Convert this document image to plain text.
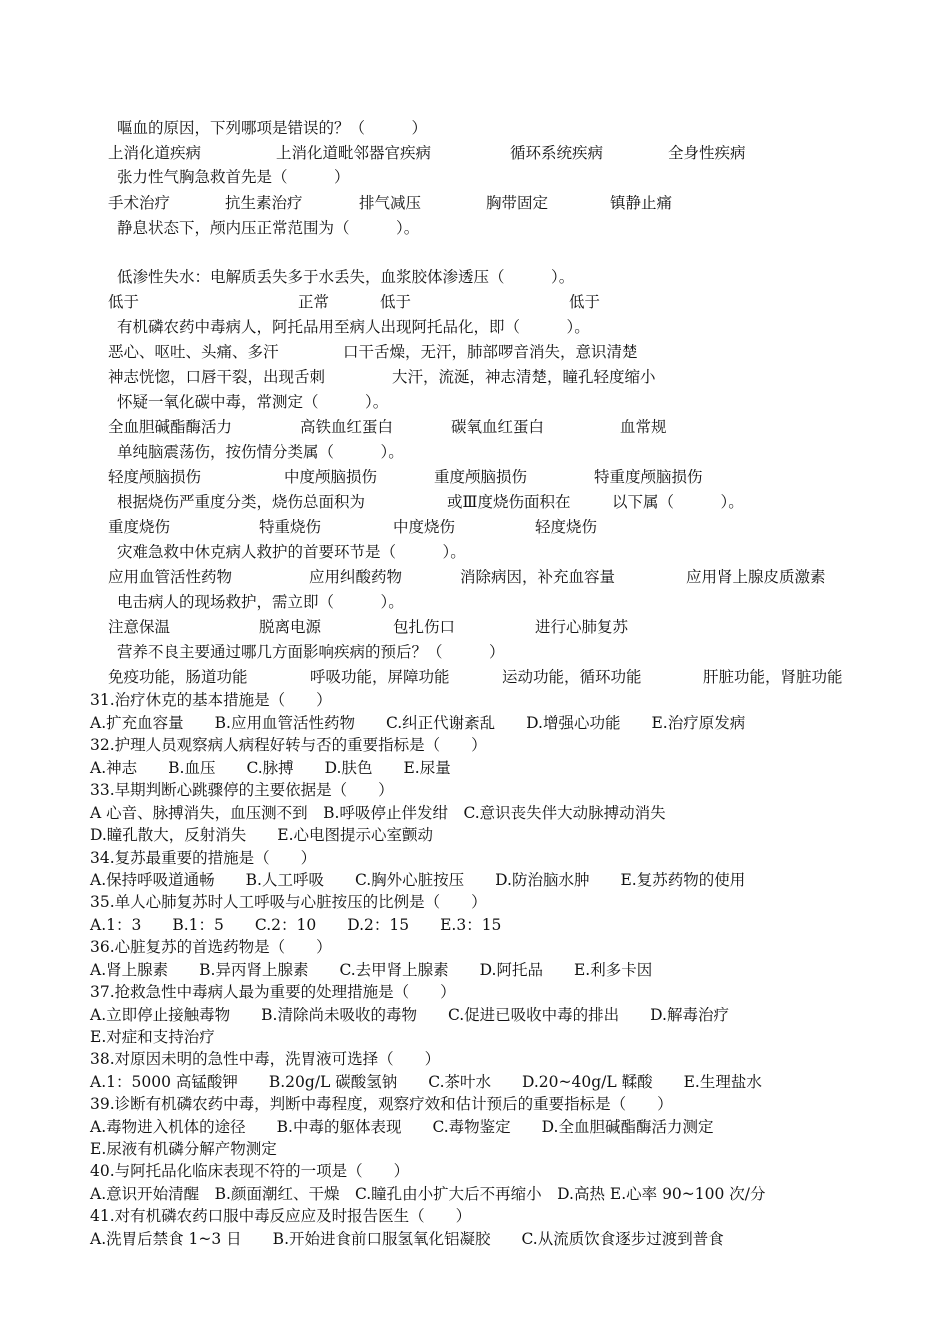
嘔血的原因，下列哪项是错误的？（　　　）
上消化道疾病	上消化道毗邻器官疾病	循环系统疾病	全身性疾病
张力性气胸急救首先是（　　　）
手术治疗	抗生素治疗	排气减压	胸带固定	镇静止痛
静息状态下，颅内压正常范围为（　　　）。
低渗性失水：电解质丢失多于水丢失，血浆胶体渗透压（　　　）。
低于	正常	低于	低于
有机磷农药中毒病人，阿托品用至病人出现阿托品化，即（　　　）。
恶心、呕吐、头痛、多汗	口干舌燥，无汗，肺部啰音消失，意识清楚
神志恍惚，口唇干裂，出现舌刺	大汗，流涎，神志清楚，瞳孔轻度缩小
怀疑一氧化碳中毒，常测定（　　　）。
全血胆碱酯酶活力	高铁血红蛋白	碳氧血红蛋白	血常规
单纯脑震荡伤，按伤情分类属（　　　）。
轻度颅脑损伤	中度颅脑损伤	重度颅脑损伤	特重度颅脑损伤
根据烧伤严重度分类，烧伤总面积为	或Ⅲ度烧伤面积在	以下属（　　　）。
重度烧伤	特重烧伤	中度烧伤	轻度烧伤
灾难急救中休克病人救护的首要环节是（　　　）。
应用血管活性药物	应用纠酸药物	消除病因，补充血容量	应用肾上腺皮质激素
电击病人的现场救护，需立即（　　　）。
注意保温	脱离电源	包扎伤口	进行心肺复苏
营养不良主要通过哪几方面影响疾病的预后？（　　　）
免疫功能，肠道功能	呼吸功能，屏障功能	运动功能，循环功能	肝脏功能，肾脏功能
31.治疗休克的基本措施是（　　）
A.扩充血容量　　B.应用血管活性药物　　C.纠正代谢紊乱　　D.增强心功能　　E.治疗原发病
32.护理人员观察病人病程好转与否的重要指标是（　　）
A.神志　　B.血压　　C.脉搏　　D.肤色　　E.尿量
33.早期判断心跳骤停的主要依据是（　　）
A 心音、脉搏消失，血压测不到　B.呼吸停止伴发绀　C.意识丧失伴大动脉搏动消失
D.瞳孔散大，反射消失　　E.心电图提示心室颤动
34.复苏最重要的措施是（　　）
A.保持呼吸道通畅　　B.人工呼吸　　C.胸外心脏按压　　D.防治脑水肿　　E.复苏药物的使用
35.单人心肺复苏时人工呼吸与心脏按压的比例是（　　）
A.1：3　　B.1：5　　C.2：10　　D.2：15　　E.3：15
36.心脏复苏的首选药物是（　　）
A.肾上腺素　　B.异丙肾上腺素　　C.去甲肾上腺素　　D.阿托品　　E.利多卡因
37.抢救急性中毒病人最为重要的处理措施是（　　）
A.立即停止接触毒物　　B.清除尚未吸收的毒物　　C.促进已吸收中毒的排出　　D.解毒治疗
E.对症和支持治疗
38.对原因未明的急性中毒，洗胃液可选择（　　）
A.1：5000 高锰酸钾　　B.20g/L 碳酸氢钠　　C.茶叶水　　D.20~40g/L 鞣酸　　E.生理盐水
39.诊断有机磷农药中毒，判断中毒程度，观察疗效和估计预后的重要指标是（　　）
A.毒物进入机体的途径　　B.中毒的躯体表现　　C.毒物鉴定　　D.全血胆碱酯酶活力测定
E.尿液有机磷分解产物测定
40.与阿托品化临床表现不符的一项是（　　）
A.意识开始清醒　B.颜面潮红、干燥　C.瞳孔由小扩大后不再缩小　D.高热 E.心率 90~100 次/分
41.对有机磷农药口服中毒反应应及时报告医生（　　）
A.洗胃后禁食 1~3 日　　B.开始进食前口服氢氧化铝凝胶　　C.从流质饮食逐步过渡到普食
